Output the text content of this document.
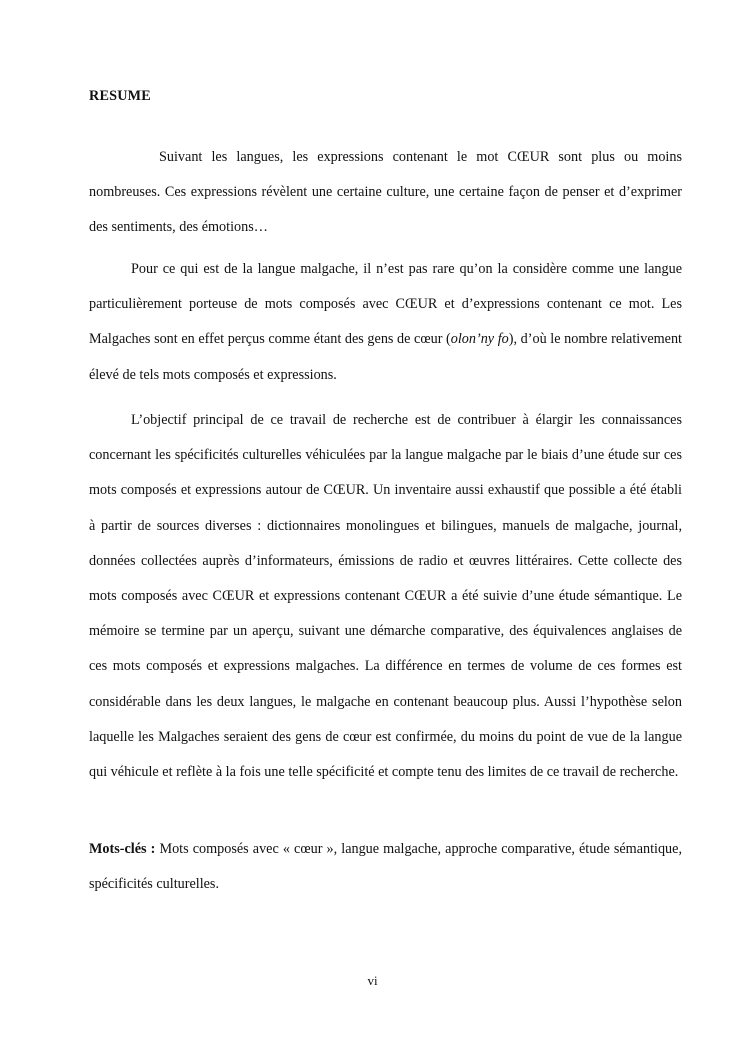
RESUME
Suivant les langues, les expressions contenant le mot CŒUR sont plus ou moins nombreuses. Ces expressions révèlent une certaine culture, une certaine façon de penser et d’exprimer des sentiments, des émotions…
Pour ce qui est de la langue malgache, il n’est pas rare qu’on la considère comme une langue particulièrement porteuse de mots composés avec CŒUR et d’expressions contenant ce mot. Les Malgaches sont en effet perçus comme étant des gens de cœur (olon’ny fo), d’où le nombre relativement élevé de tels mots composés et expressions.
L’objectif principal de ce travail de recherche est de contribuer à élargir les connaissances concernant les spécificités culturelles véhiculées par la langue malgache par le biais d’une étude sur ces mots composés et expressions autour de CŒUR. Un inventaire aussi exhaustif que possible a été établi à partir de sources diverses : dictionnaires monolingues et bilingues, manuels de malgache, journal, données collectées auprès d’informateurs, émissions de radio et œuvres littéraires. Cette collecte des mots composés avec CŒUR et expressions contenant CŒUR a été suivie d’une étude sémantique. Le mémoire se termine par un aperçu, suivant une démarche comparative, des équivalences anglaises de ces mots composés et expressions malgaches. La différence en termes de volume de ces formes est considérable dans les deux langues, le malgache en contenant beaucoup plus. Aussi l’hypothèse selon laquelle les Malgaches seraient des gens de cœur est confirmée, du moins du point de vue de la langue qui véhicule et reflète à la fois une telle spécificité et compte tenu des limites de ce travail de recherche.
Mots-clés : Mots composés avec « cœur », langue malgache, approche comparative, étude sémantique, spécificités culturelles.
vi
